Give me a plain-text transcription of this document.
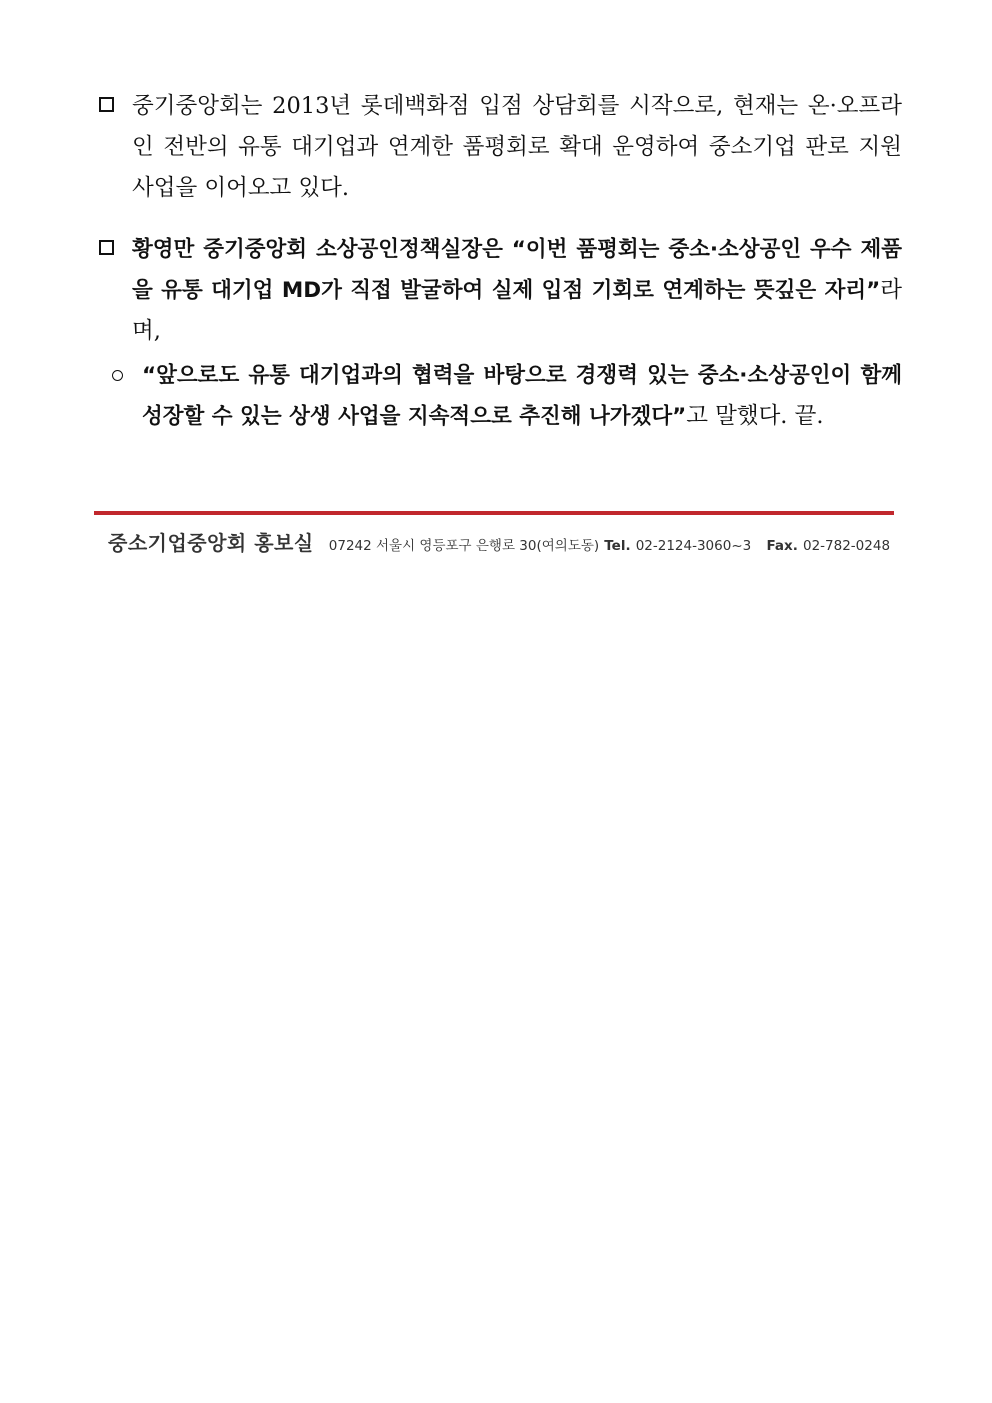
중기중앙회는 2013년 롯데백화점 입점 상담회를 시작으로, 현재는 온·오프라인 전반의 유통 대기업과 연계한 품평회로 확대 운영하여 중소기업 판로 지원 사업을 이어오고 있다.
황영만 중기중앙회 소상공인정책실장은 “이번 품평회는 중소·소상공인 우수 제품을 유통 대기업 MD가 직접 발굴하여 실제 입점 기회로 연계하는 뜻깊은 자리”라며,
“앞으로도 유통 대기업과의 협력을 바탕으로 경쟁력 있는 중소·소상공인이 함께 성장할 수 있는 상생 사업을 지속적으로 추진해 나가겠다”고 말했다. 끝.
중소기업중앙회 홍보실 07242 서울시 영등포구 은행로 30(여의도동) Tel. 02-2124-3060~3 Fax. 02-782-0248
